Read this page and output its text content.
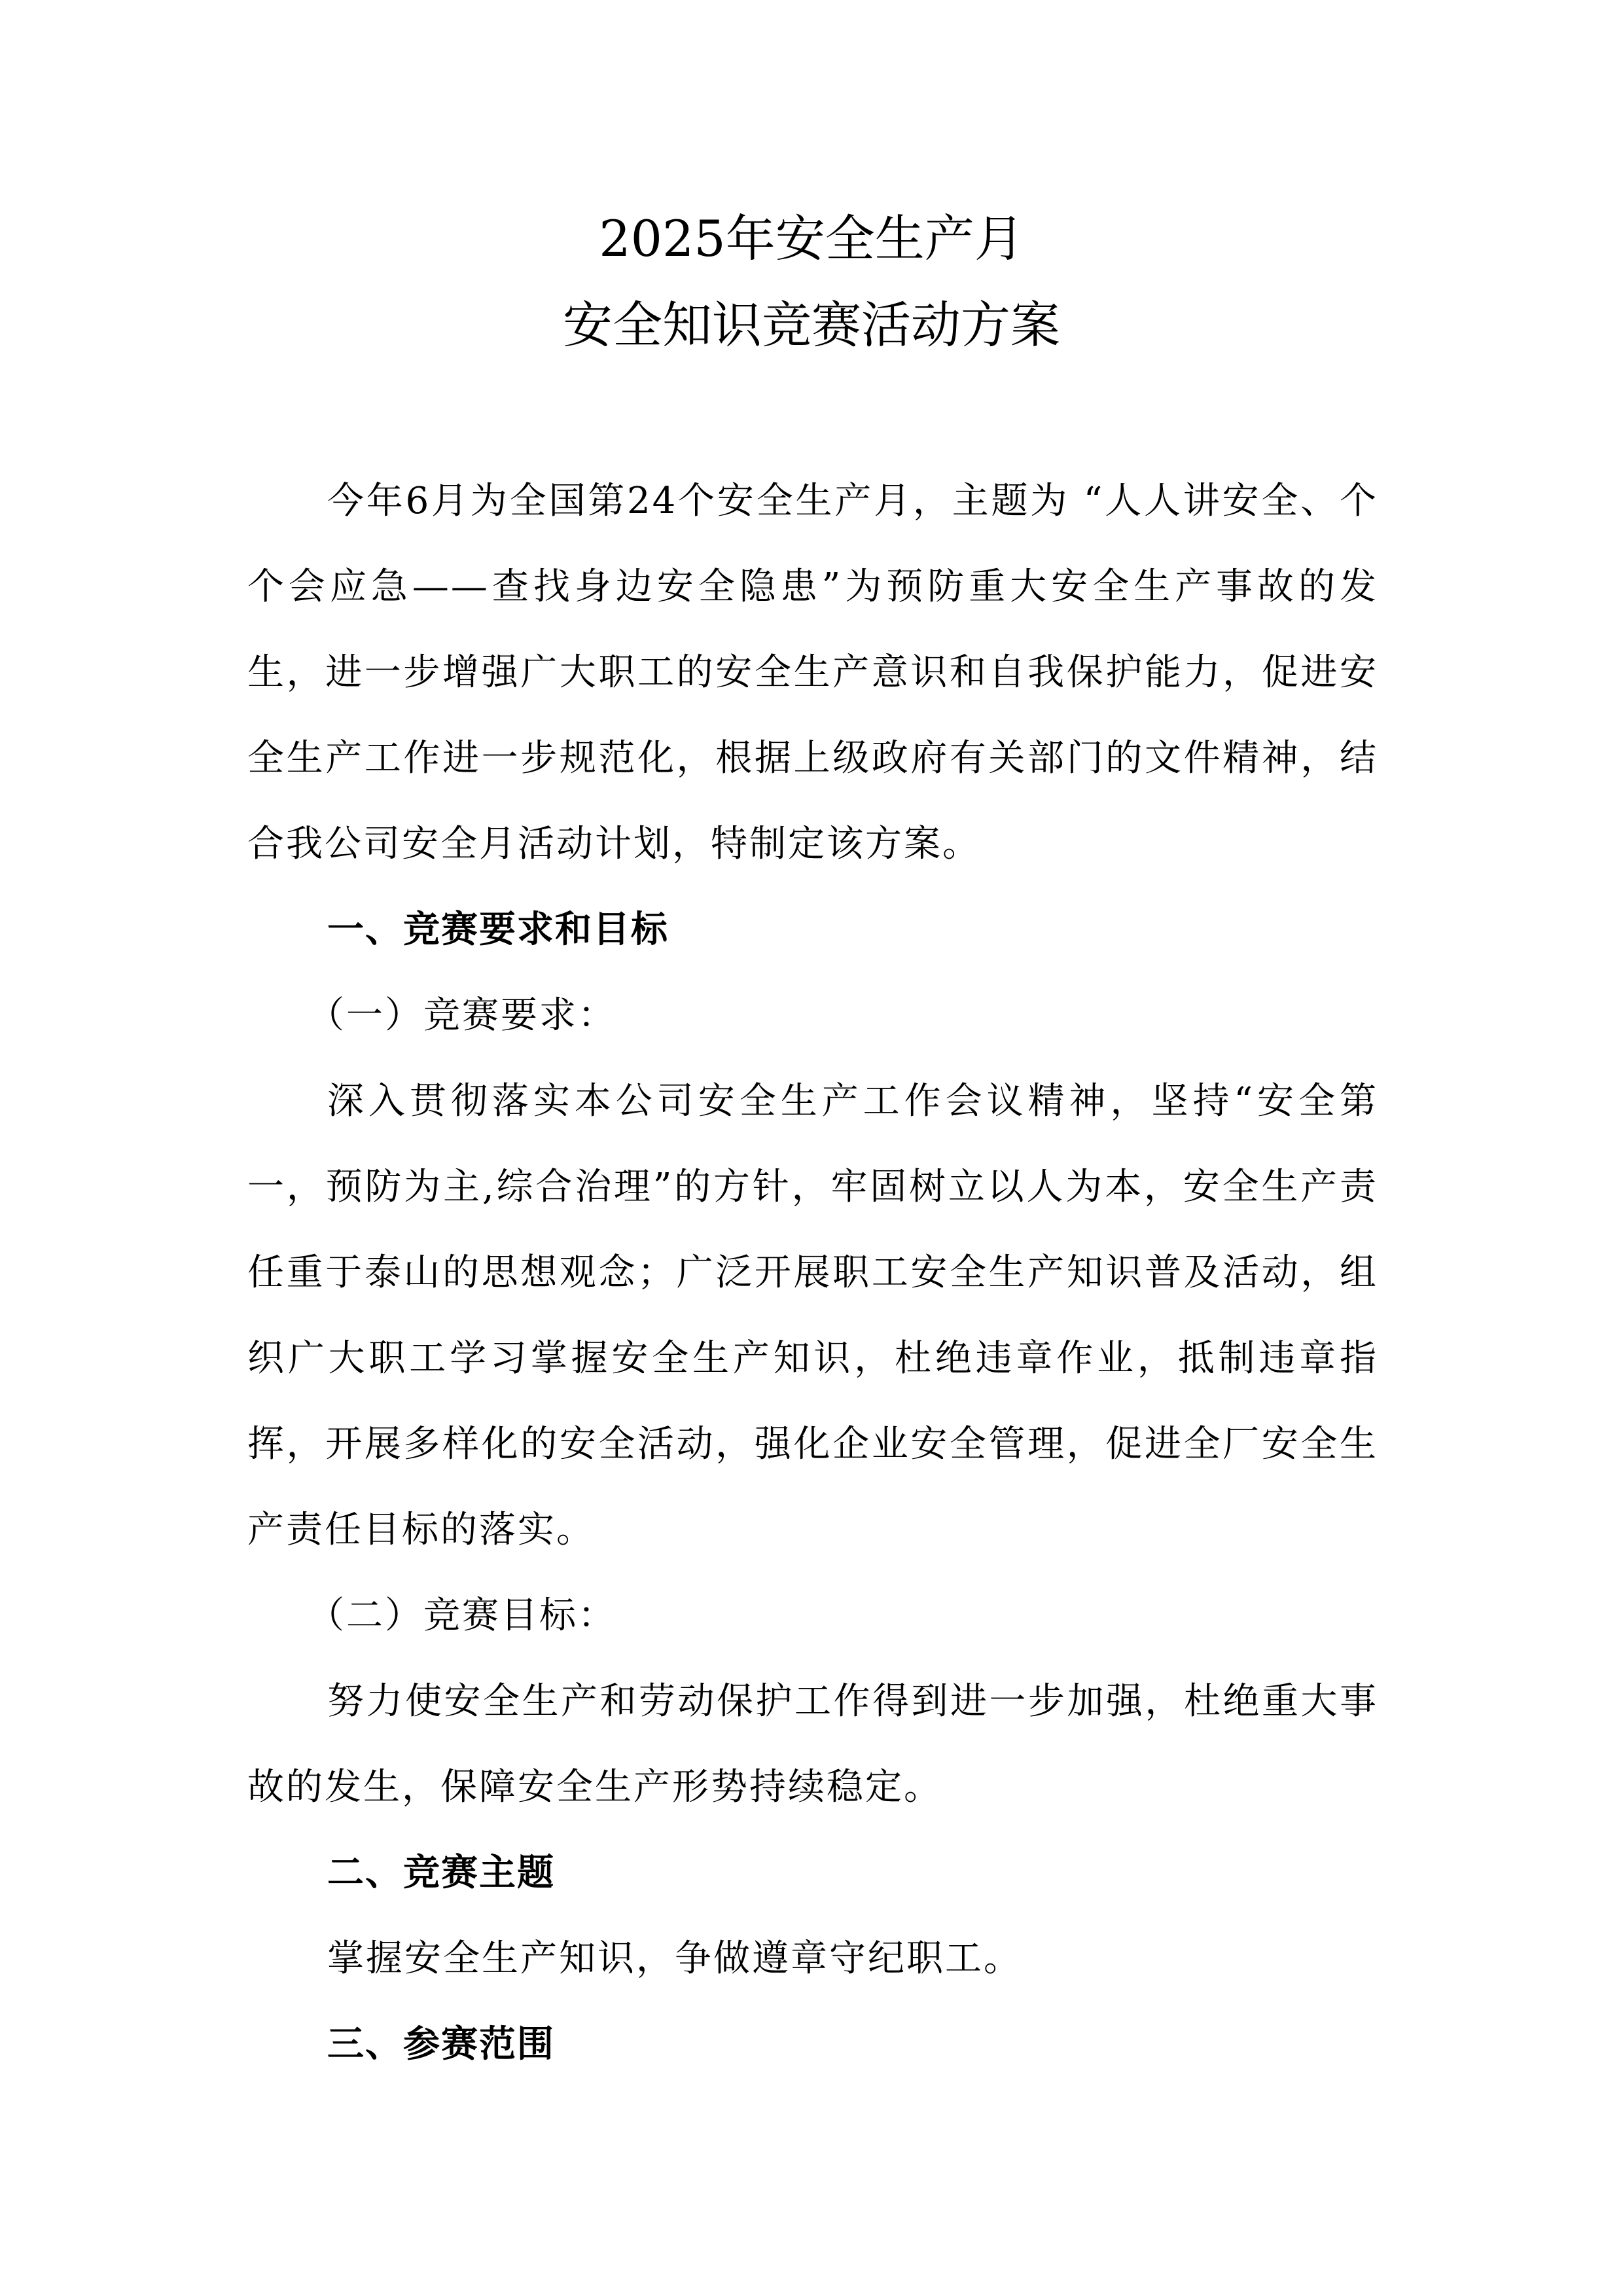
2025年安全生产月
安全知识竞赛活动方案

今年6月为全国第24个安全生产月，主题为 “人人讲安全、个个会应急——查找身边安全隐患”为预防重大安全生产事故的发生，进一步增强广大职工的安全生产意识和自我保护能力，促进安全生产工作进一步规范化，根据上级政府有关部门的文件精神，结合我公司安全月活动计划，特制定该方案。

一、竞赛要求和目标

（一）竞赛要求：

深入贯彻落实本公司安全生产工作会议精神，坚持“安全第一，预防为主,综合治理”的方针，牢固树立以人为本，安全生产责任重于泰山的思想观念；广泛开展职工安全生产知识普及活动，组织广大职工学习掌握安全生产知识，杜绝违章作业，抵制违章指挥，开展多样化的安全活动，强化企业安全管理，促进全厂安全生产责任目标的落实。

（二）竞赛目标：

努力使安全生产和劳动保护工作得到进一步加强，杜绝重大事故的发生，保障安全生产形势持续稳定。

二、竞赛主题

掌握安全生产知识，争做遵章守纪职工。

三、参赛范围
